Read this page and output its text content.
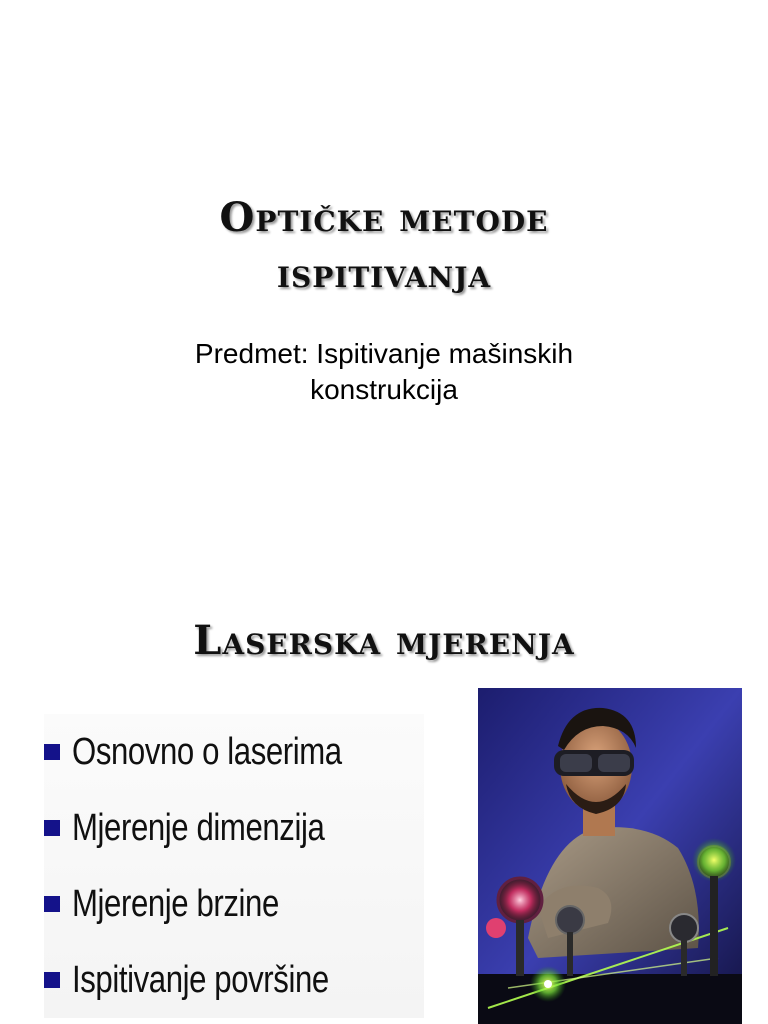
Optičke metode
ispitivanja
Predmet: Ispitivanje mašinskih
konstrukcija
Laserska mjerenja
Osnovno o laserima
Mjerenje dimenzija
Mjerenje brzine
Ispitivanje površine
